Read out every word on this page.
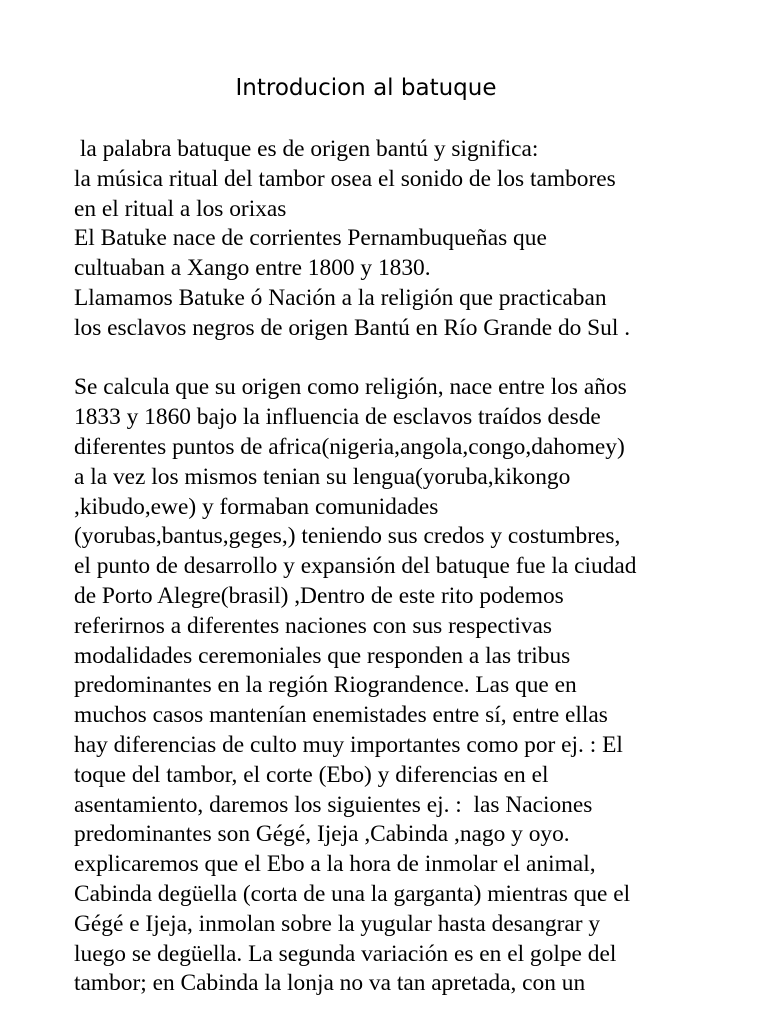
Introducion al batuque
la palabra batuque es de origen bantú y significa:
la música ritual del tambor osea el sonido de los tambores
en el ritual a los orixas
El Batuke nace de corrientes Pernambuqueñas que
cultuaban a Xango entre 1800 y 1830.
Llamamos Batuke ó Nación a la religión que practicaban
los esclavos negros de origen Bantú en Río Grande do Sul .
Se calcula que su origen como religión, nace entre los años
1833 y 1860 bajo la influencia de esclavos traídos desde
diferentes puntos de africa(nigeria,angola,congo,dahomey)
a la vez los mismos tenian su lengua(yoruba,kikongo
,kibudo,ewe) y formaban comunidades
(yorubas,bantus,geges,) teniendo sus credos y costumbres,
el punto de desarrollo y expansión del batuque fue la ciudad
de Porto Alegre(brasil) ,Dentro de este rito podemos
referirnos a diferentes naciones con sus respectivas
modalidades ceremoniales que responden a las tribus
predominantes en la región Riograndence. Las que en
muchos casos mantenían enemistades entre sí, entre ellas
hay diferencias de culto muy importantes como por ej. : El
toque del tambor, el corte (Ebo) y diferencias en el
asentamiento, daremos los siguientes ej. :  las Naciones
predominantes son Gégé, Ijeja ,Cabinda ,nago y oyo.
explicaremos que el Ebo a la hora de inmolar el animal,
Cabinda degüella (corta de una la garganta) mientras que el
Gégé e Ijeja, inmolan sobre la yugular hasta desangrar y
luego se degüella. La segunda variación es en el golpe del
tambor; en Cabinda la lonja no va tan apretada, con un
